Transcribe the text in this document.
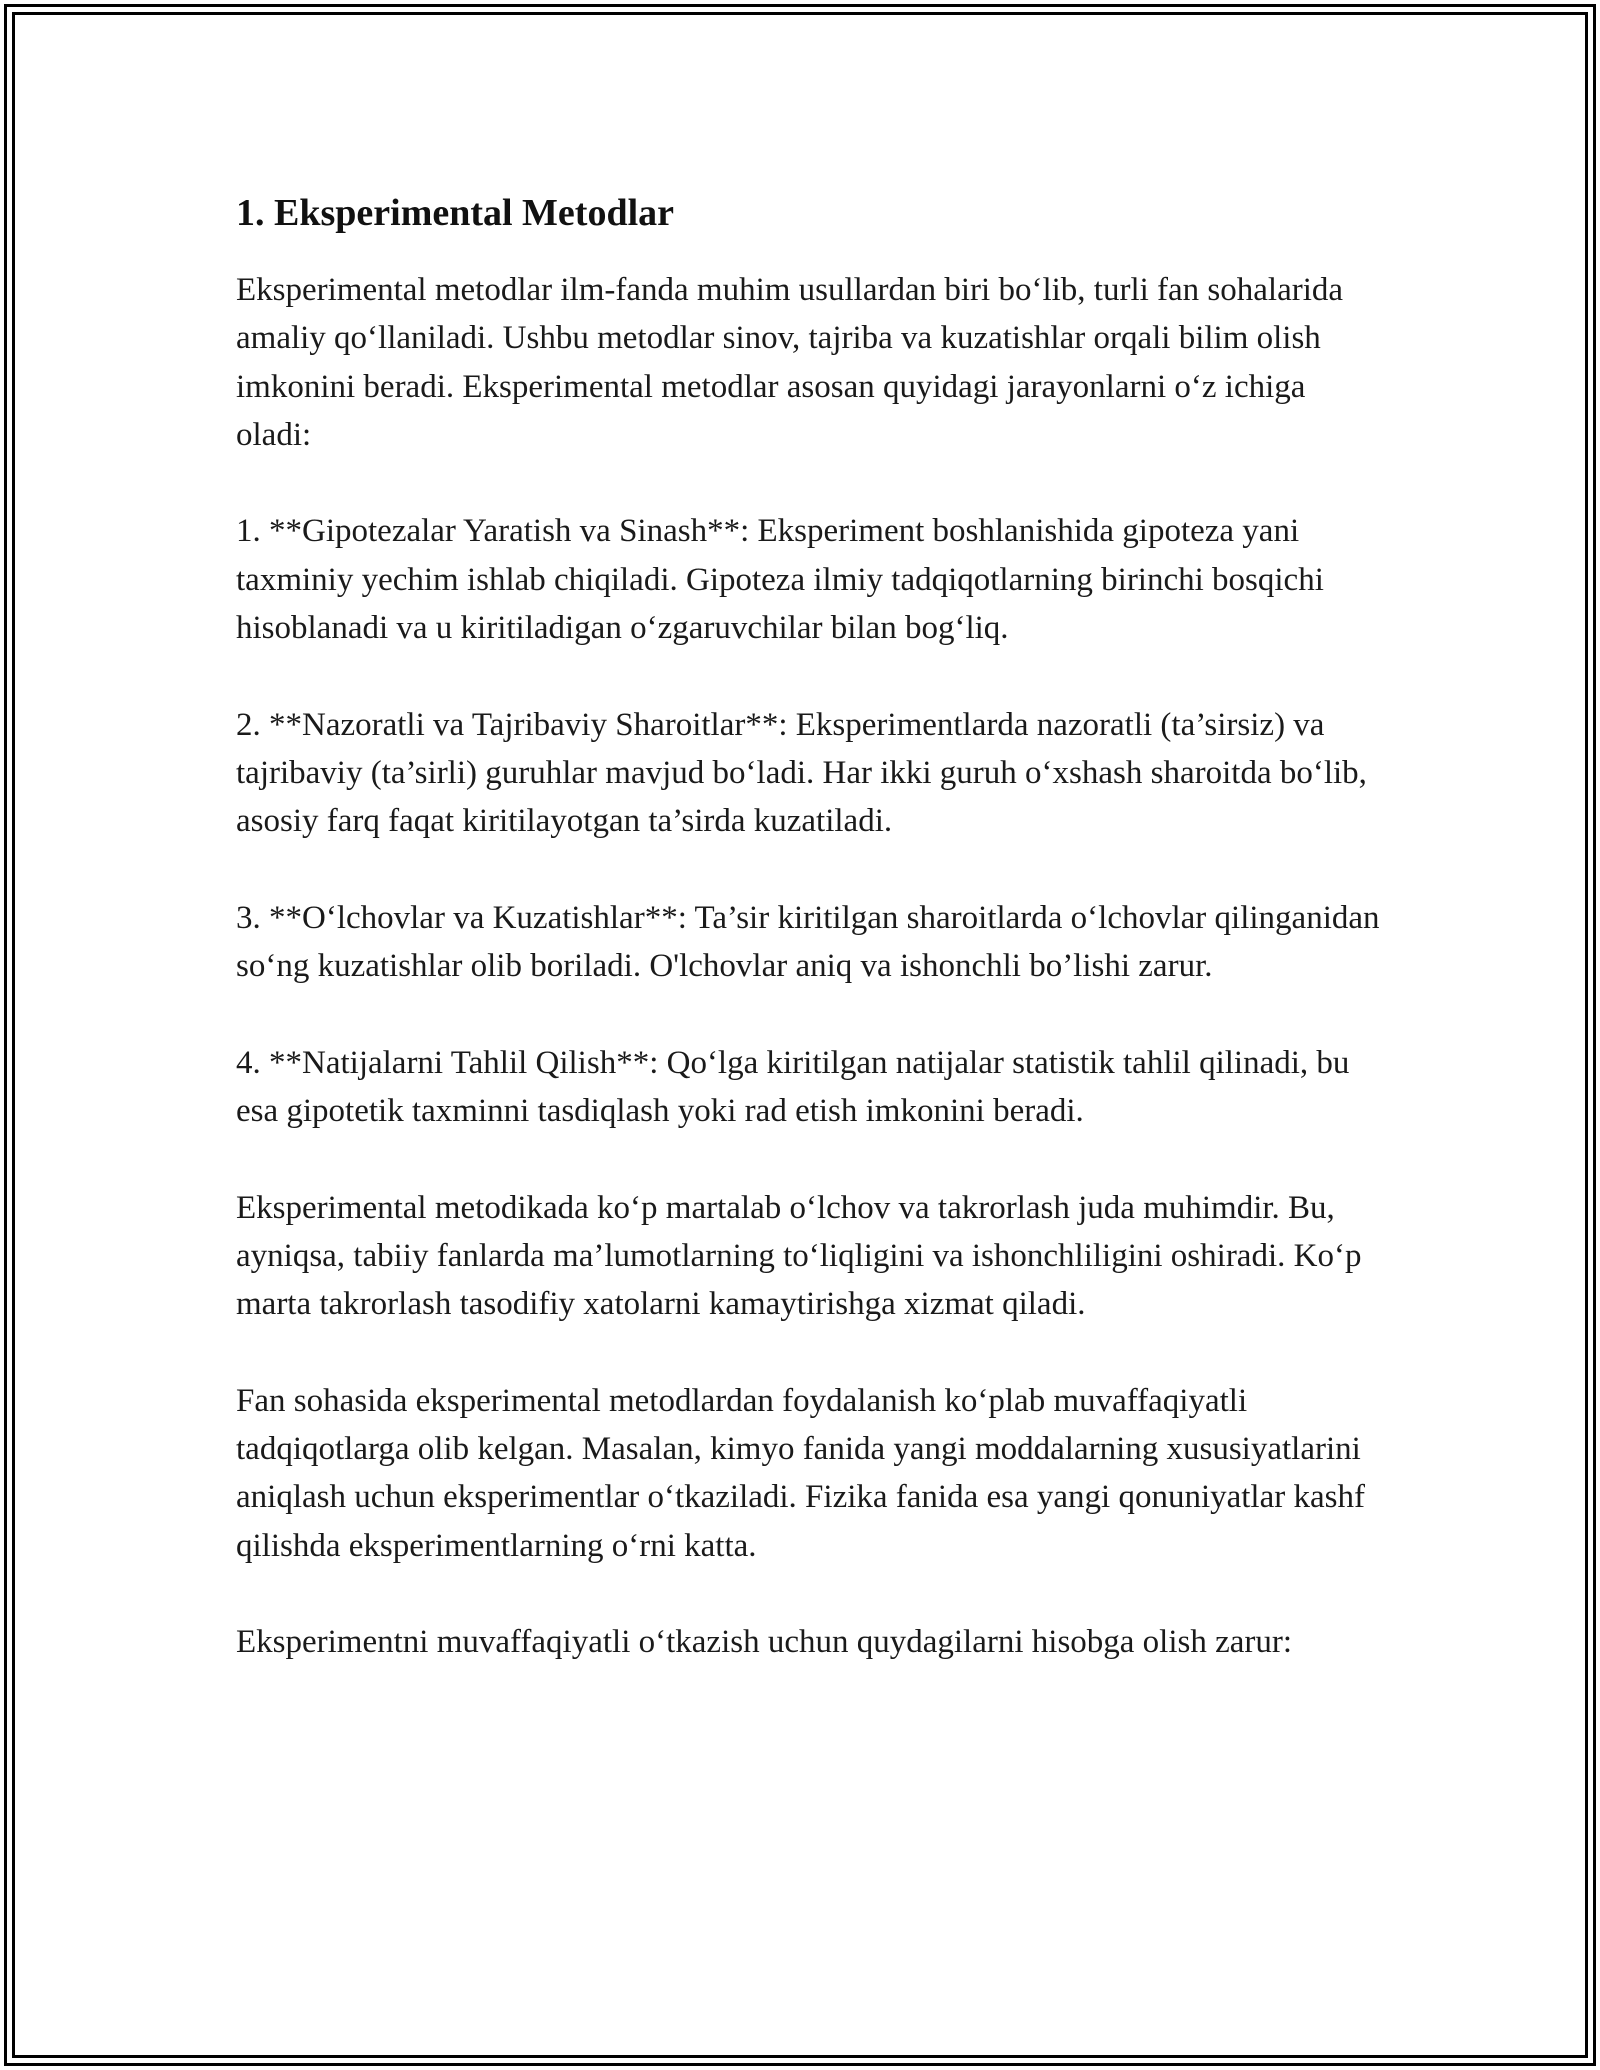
1. Eksperimental Metodlar

Eksperimental metodlar ilm-fanda muhim usullardan biri bo‘lib, turli fan sohalarida amaliy qo‘llaniladi. Ushbu metodlar sinov, tajriba va kuzatishlar orqali bilim olish imkonini beradi. Eksperimental metodlar asosan quyidagi jarayonlarni o‘z ichiga oladi:

1. **Gipotezalar Yaratish va Sinash**: Eksperiment boshlanishida gipoteza yani taxminiy yechim ishlab chiqiladi. Gipoteza ilmiy tadqiqotlarning birinchi bosqichi hisoblanadi va u kiritiladigan o‘zgaruvchilar bilan bog‘liq.

2. **Nazoratli va Tajribaviy Sharoitlar**: Eksperimentlarda nazoratli (ta’sirsiz) va tajribaviy (ta’sirli) guruhlar mavjud bo‘ladi. Har ikki guruh o‘xshash sharoitda bo‘lib, asosiy farq faqat kiritilayotgan ta’sirda kuzatiladi.

3. **O‘lchovlar va Kuzatishlar**: Ta’sir kiritilgan sharoitlarda o‘lchovlar qilinganidan so‘ng kuzatishlar olib boriladi. O'lchovlar aniq va ishonchli bo’lishi zarur.

4. **Natijalarni Tahlil Qilish**: Qo‘lga kiritilgan natijalar statistik tahlil qilinadi, bu esa gipotetik taxminni tasdiqlash yoki rad etish imkonini beradi.

Eksperimental metodikada ko‘p martalab o‘lchov va takrorlash juda muhimdir. Bu, ayniqsa, tabiiy fanlarda ma’lumotlarning to‘liqligini va ishonchliligini oshiradi. Ko‘p marta takrorlash tasodifiy xatolarni kamaytirishga xizmat qiladi.

Fan sohasida eksperimental metodlardan foydalanish ko‘plab muvaffaqiyatli tadqiqotlarga olib kelgan. Masalan, kimyo fanida yangi moddalarning xususiyatlarini aniqlash uchun eksperimentlar o‘tkaziladi. Fizika fanida esa yangi qonuniyatlar kashf qilishda eksperimentlarning o‘rni katta.

Eksperimentni muvaffaqiyatli o‘tkazish uchun quydagilarni hisobga olish zarur:
